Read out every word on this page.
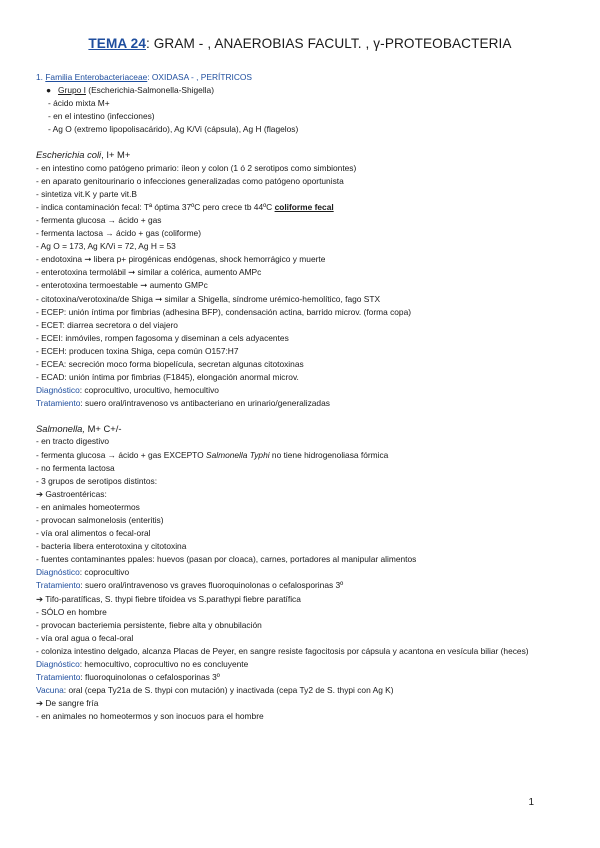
TEMA 24: GRAM - , ANAEROBIAS FACULT. , γ-PROTEOBACTERIA
1. Familia Enterobacteriaceae: OXIDASA - , PERÍTRICOS
● Grupo I (Escherichia-Salmonella-Shigella)
- ácido mixta M+
- en el intestino (infecciones)
- Ag O (extremo lipopolisacárido), Ag K/Vi (cápsula), Ag H (flagelos)
Escherichia coli, I+ M+
- en intestino como patógeno primario: íleon y colon (1 ó 2 serotipos como simbiontes)
- en aparato genitourinario o infecciones generalizadas como patógeno oportunista
- sintetiza vit.K y parte vit.B
- indica contaminación fecal: Tª óptima 37ºC pero crece tb 44ºC coliforme fecal
- fermenta glucosa → ácido + gas
- fermenta lactosa → ácido + gas (coliforme)
- Ag O = 173, Ag K/Vi = 72, Ag H = 53
- endotoxina ➞ libera p+ pirogénicas endógenas, shock hemorrágico y muerte
- enterotoxina termolábil ➞ similar a colérica, aumento AMPc
- enterotoxina termoestable ➞ aumento GMPc
- citotoxina/verotoxina/de Shiga ➞ similar a Shigella, síndrome urémico-hemolítico, fago STX
- ECEP: unión íntima por fimbrias (adhesina BFP), condensación actina, barrido microv. (forma copa)
- ECET: diarrea secretora o del viajero
- ECEI: inmóviles, rompen fagosoma y diseminan a cels adyacentes
- ECEH: producen toxina Shiga, cepa común O157:H7
- ECEA: secreción moco forma biopelícula, secretan algunas citotoxinas
- ECAD: unión íntima por fimbrias (F1845), elongación anormal microv.
Diagnóstico: coprocultivo, urocultivo, hemocultivo
Tratamiento: suero oral/intravenoso vs antibacteriano en urinario/generalizadas
Salmonella, M+ C+/-
- en tracto digestivo
- fermenta glucosa → ácido + gas EXCEPTO Salmonella Typhi no tiene hidrogenoliasa fórmica
- no fermenta lactosa
- 3 grupos de serotipos distintos:
➔ Gastroentéricas:
- en animales homeotermos
- provocan salmonelosis (enteritis)
- vía oral alimentos o fecal-oral
- bacteria libera enterotoxina y citotoxina
- fuentes contaminantes ppales: huevos (pasan por cloaca), carnes, portadores al manipular alimentos
Diagnóstico: coprocultivo
Tratamiento: suero oral/intravenoso vs graves fluoroquinolonas o cefalosporinas 3º
➔ Tifo-paratíficas, S. thypi fiebre tifoidea vs S.parathypi fiebre paratífica
- SÓLO en hombre
- provocan bacteriemia persistente, fiebre alta y obnubilación
- vía oral agua o fecal-oral
- coloniza intestino delgado, alcanza Placas de Peyer, en sangre resiste fagocitosis por cápsula y acantona en vesícula biliar (heces)
Diagnóstico: hemocultivo, coprocultivo no es concluyente
Tratamiento: fluoroquinolonas o cefalosporinas 3º
Vacuna: oral (cepa Ty21a de S. thypi con mutación) y inactivada (cepa Ty2 de S. thypi con Ag K)
➔ De sangre fría
- en animales no homeotermos y son inocuos para el hombre
1
